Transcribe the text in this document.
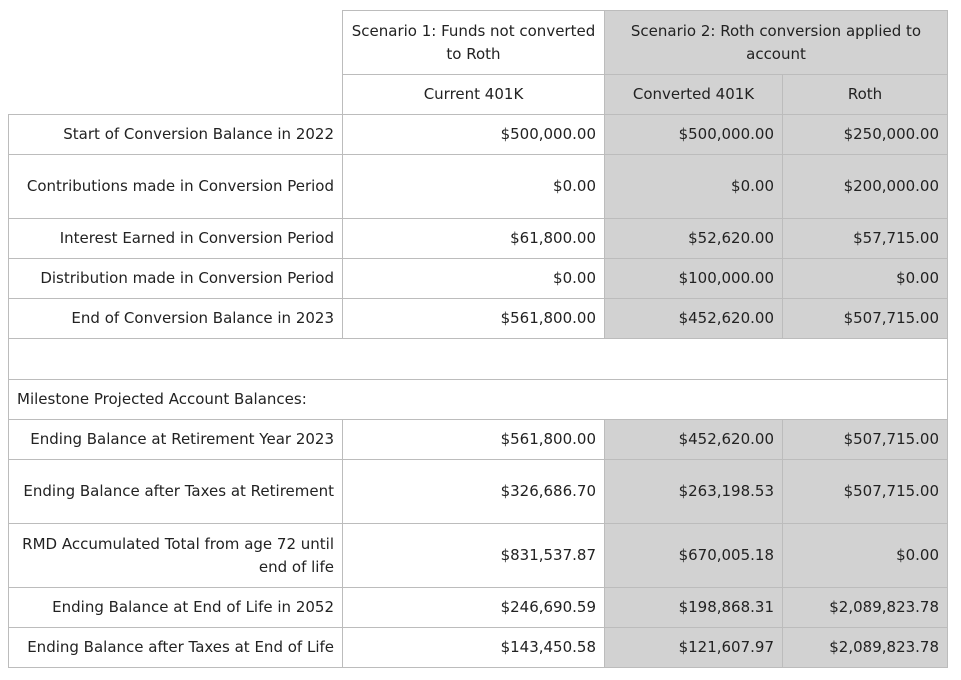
	Scenario 1: Funds not converted to Roth	Scenario 2: Roth conversion applied to account	
	Current 401K	Converted 401K	Roth
Start of Conversion Balance in 2022	$500,000.00	$500,000.00	$250,000.00
Contributions made in Conversion Period	$0.00	$0.00	$200,000.00
Interest Earned in Conversion Period	$61,800.00	$52,620.00	$57,715.00
Distribution made in Conversion Period	$0.00	$100,000.00	$0.00
End of Conversion Balance in 2023	$561,800.00	$452,620.00	$507,715.00

Milestone Projected Account Balances:			
Ending Balance at Retirement Year 2023	$561,800.00	$452,620.00	$507,715.00
Ending Balance after Taxes at Retirement	$326,686.70	$263,198.53	$507,715.00
RMD Accumulated Total from age 72 until end of life	$831,537.87	$670,005.18	$0.00
Ending Balance at End of Life in 2052	$246,690.59	$198,868.31	$2,089,823.78
Ending Balance after Taxes at End of Life	$143,450.58	$121,607.97	$2,089,823.78
